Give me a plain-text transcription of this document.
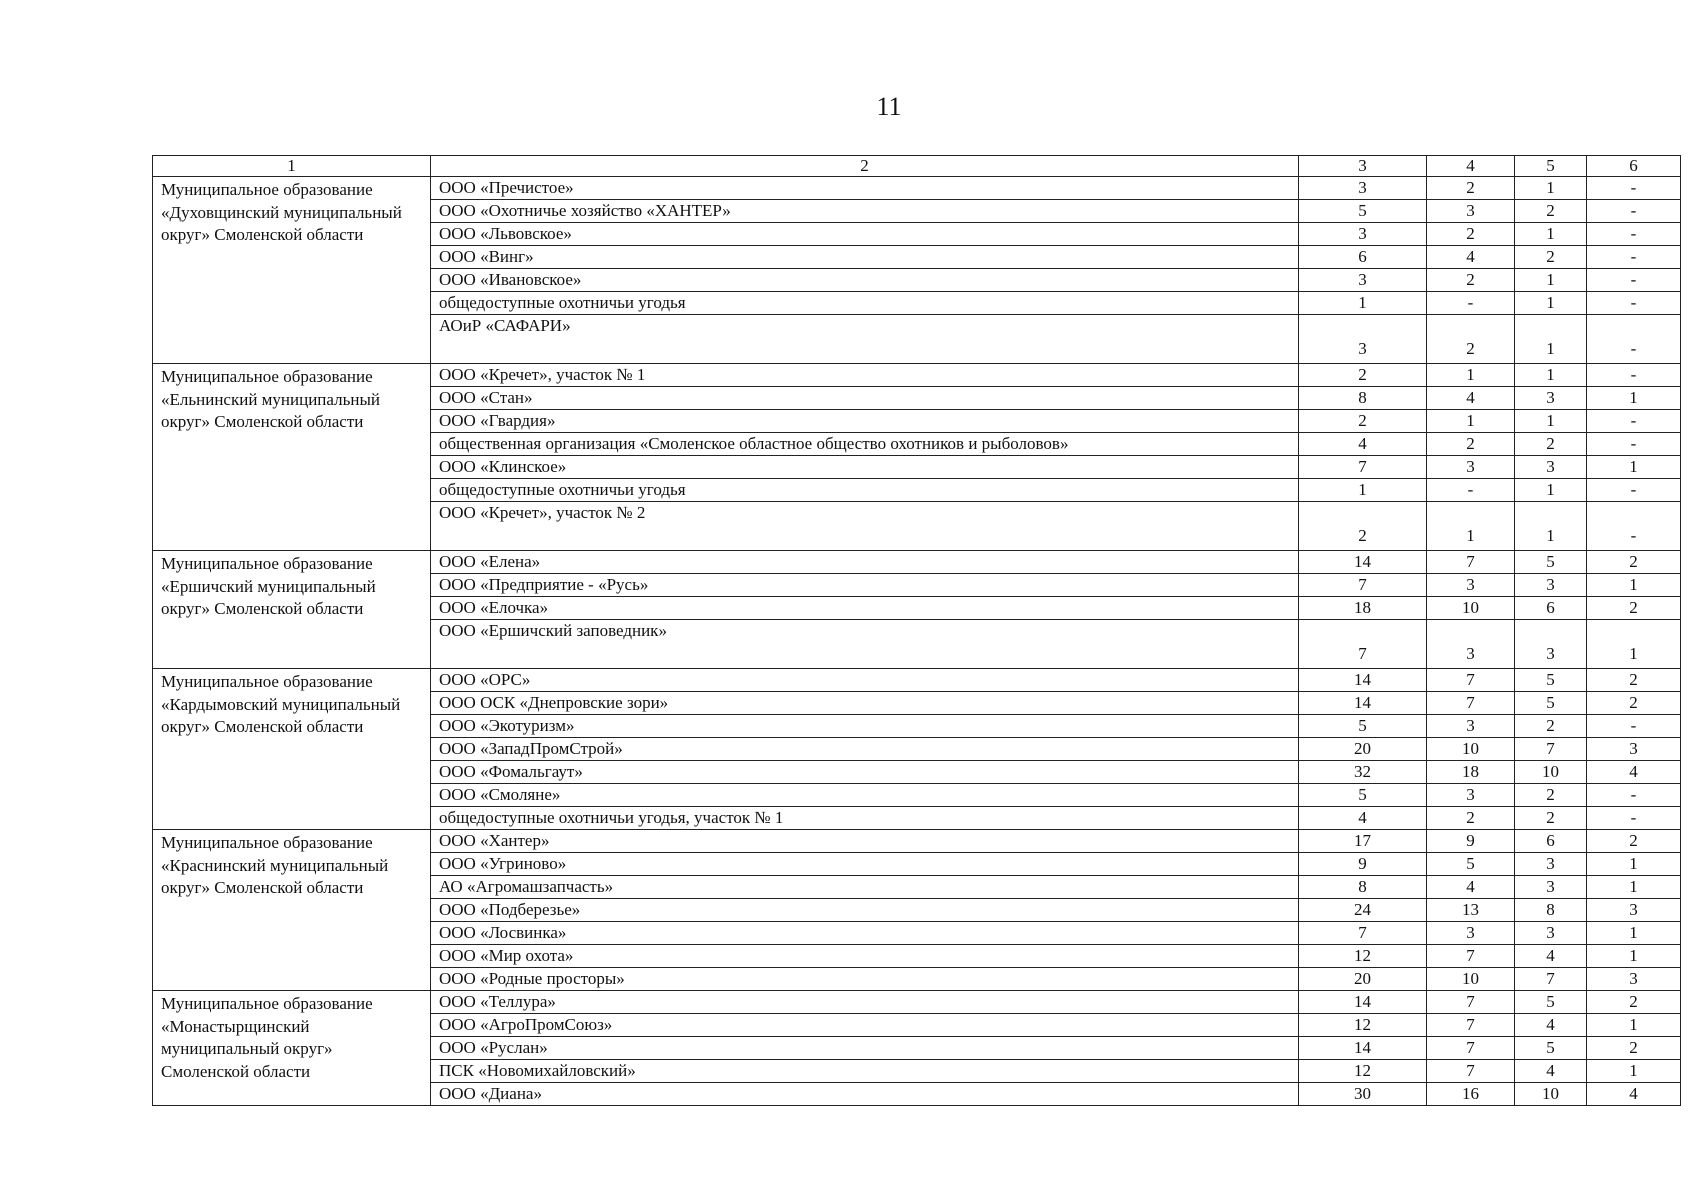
11
1	2	3	4	5	6
Муниципальное образование «Духовщинский муниципальный округ» Смоленской области	ООО «Пречистое»	3	2	1	-
	ООО «Охотничье хозяйство «ХАНТЕР»	5	3	2	-
	ООО «Львовское»	3	2	1	-
	ООО «Винг»	6	4	2	-
	ООО «Ивановское»	3	2	1	-
	общедоступные охотничьи угодья	1	-	1	-
	АОиР «САФАРИ»	3	2	1	-
Муниципальное образование «Ельнинский муниципальный округ» Смоленской области	ООО «Кречет», участок № 1	2	1	1	-
	ООО «Стан»	8	4	3	1
	ООО «Гвардия»	2	1	1	-
	общественная организация «Смоленское областное общество охотников и рыболовов»	4	2	2	-
	ООО «Клинское»	7	3	3	1
	общедоступные охотничьи угодья	1	-	1	-
	ООО «Кречет», участок № 2	2	1	1	-
Муниципальное образование «Ершичский муниципальный округ» Смоленской области	ООО «Елена»	14	7	5	2
	ООО «Предприятие - «Русь»	7	3	3	1
	ООО «Елочка»	18	10	6	2
	ООО «Ершичский заповедник»	7	3	3	1
Муниципальное образование «Кардымовский муниципальный округ» Смоленской области	ООО «ОРС»	14	7	5	2
	ООО ОСК «Днепровские зори»	14	7	5	2
	ООО «Экотуризм»	5	3	2	-
	ООО «ЗападПромСтрой»	20	10	7	3
	ООО «Фомальгаут»	32	18	10	4
	ООО «Смоляне»	5	3	2	-
	общедоступные охотничьи угодья, участок № 1	4	2	2	-
Муниципальное образование «Краснинский муниципальный округ» Смоленской области	ООО «Хантер»	17	9	6	2
	ООО «Угриново»	9	5	3	1
	АО «Агромашзапчасть»	8	4	3	1
	ООО «Подберезье»	24	13	8	3
	ООО «Лосвинка»	7	3	3	1
	ООО «Мир охота»	12	7	4	1
	ООО «Родные просторы»	20	10	7	3
Муниципальное образование «Монастырщинский муниципальный округ» Смоленской области	ООО «Теллура»	14	7	5	2
	ООО «АгроПромСоюз»	12	7	4	1
	ООО «Руслан»	14	7	5	2
	ПСК «Новомихайловский»	12	7	4	1
	ООО «Диана»	30	16	10	4
